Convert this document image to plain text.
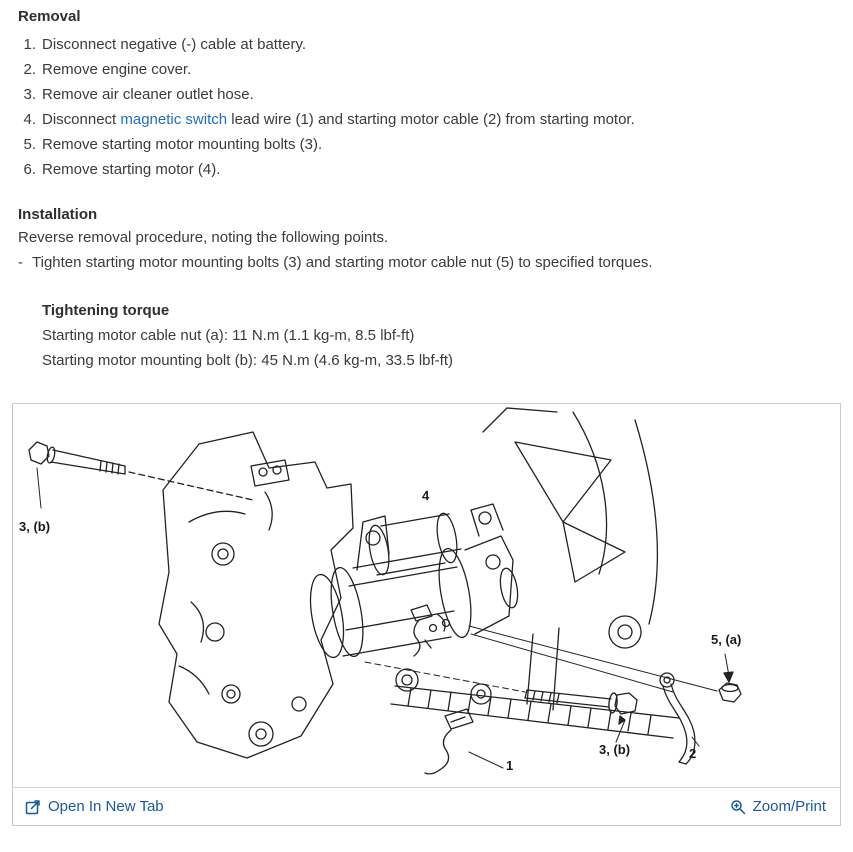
Removal
1. Disconnect negative (-) cable at battery.
2. Remove engine cover.
3. Remove air cleaner outlet hose.
4. Disconnect magnetic switch lead wire (1) and starting motor cable (2) from starting motor.
5. Remove starting motor mounting bolts (3).
6. Remove starting motor (4).
Installation
Reverse removal procedure, noting the following points.
- Tighten starting motor mounting bolts (3) and starting motor cable nut (5) to specified torques.
Tightening torque
Starting motor cable nut (a): 11 N.m (1.1 kg-m, 8.5 lbf-ft)
Starting motor mounting bolt (b): 45 N.m (4.6 kg-m, 33.5 lbf-ft)
3, (b)
4
5, (a)
3, (b)	2
1
Open In New Tab	Zoom/Print
